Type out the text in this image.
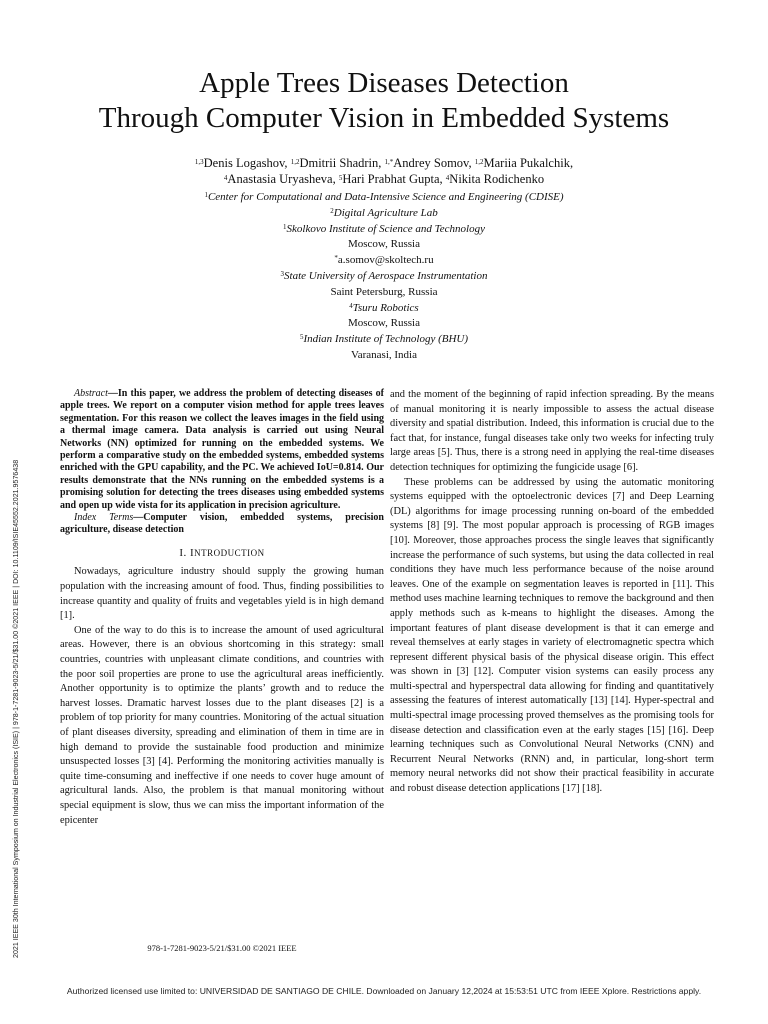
2021 IEEE 30th International Symposium on Industrial Electronics (ISIE) | 978-1-7281-9023-5/21/$31.00 ©2021 IEEE | DOI: 10.1109/ISIE45552.2021.9576438
Apple Trees Diseases Detection
Through Computer Vision in Embedded Systems
$^{1,3}$Denis Logashov, $^{1,2}$Dmitrii Shadrin, $^{1,*}$Andrey Somov, $^{1,2}$Mariia Pukalchik,
$^4$Anastasia Uryasheva, $^5$Hari Prabhat Gupta, $^4$Nikita Rodichenko
$^1$Center for Computational and Data-Intensive Science and Engineering (CDISE)
$^2$Digital Agriculture Lab
$^1$Skolkovo Institute of Science and Technology
Moscow, Russia
*a.somov@skoltech.ru
$^3$State University of Aerospace Instrumentation
Saint Petersburg, Russia
$^4$Tsuru Robotics
Moscow, Russia
$^5$Indian Institute of Technology (BHU)
Varanasi, India

Abstract—In this paper, we address the problem of detecting diseases of apple trees. We report on a computer vision method for apple trees leaves segmentation. For this reason we collect the leaves images in the field using a thermal image camera. Data analysis is carried out using Neural Networks (NN) optimized for running on the embedded systems. We perform a comparative study on the embedded systems, embedded systems enriched with the GPU capability, and the PC. We achieved IoU=0.814. Our results demonstrate that the NNs running on the embedded systems is a promising solution for detecting the trees diseases using embedded systems and open up wide vista for its application in precision agriculture.

Index Terms—Computer vision, embedded systems, precision agriculture, disease detection

I. INTRODUCTION

Nowadays, agriculture industry should supply the growing human population with the increasing amount of food. Thus, finding possibilities to increase quantity and quality of fruits and vegetables yield is in high demand [1].

One of the way to do this is to increase the amount of used agricultural areas. However, there is an obvious shortcoming in this strategy: small countries, countries with unpleasant climate conditions, and countries with the poor soil properties are prone to use the agricultural areas inefficiently. Another opportunity is to optimize the plants’ growth and to reduce the harvest losses. Dramatic harvest losses due to the plant diseases [2] is a problem of top priority for many countries. Monitoring of the actual situation of plant diseases diversity, spreading and elimination of them in time are in high demand to provide the sustainable food production and minimize unsuspected losses [3] [4]. Performing the monitoring activities manually is quite time-consuming and ineffective if one needs to cover huge amount of agricultural lands. Also, the problem is that manual monitoring without special equipment is slow, thus we can miss the important information of the epicenter

978-1-7281-9023-5/21/$31.00 ©2021 IEEE

and the moment of the beginning of rapid infection spreading. By the means of manual monitoring it is nearly impossible to assess the actual disease diversity and spatial distribution. Indeed, this information is crucial due to the fact that, for instance, fungal diseases take only two weeks for infecting truly large areas [5]. Thus, there is a strong need in applying the real-time diseases detection techniques for optimizing the fungicide usage [6].

These problems can be addressed by using the automatic monitoring systems equipped with the optoelectronic devices [7] and Deep Learning (DL) algorithms for image processing running on-board of the embedded systems [8] [9]. The most popular approach is processing of RGB images [10]. Moreover, those approaches process the single leaves that significantly increase the performance of such systems, but using the data collected in real conditions they have much less performance because of the noise around leaves. One of the example on segmentation leaves is reported in [11]. This method uses machine learning techniques to remove the background and then apply methods such as k-means to highlight the diseases. Among the important features of plant disease development is that it can emerge and reveal themselves at early stages in variety of electromagnetic spectra which represent different physical basis of the physical disease origin. This effect was shown in [3] [12]. Computer vision systems can easily process any multi-spectral and hyperspectral data allowing for finding and quantitatively assessing the features of interest automatically [13] [14]. Hyper-spectral and multi-spectral image processing proved themselves as the promising tools for disease detection and classification even at the early stages [15] [16]. Deep learning techniques such as Convolutional Neural Networks (CNN) and Recurrent Neural Networks (RNN) and, in particular, long-short term memory neural networks did not show their practical feasibility in accurate and robust disease detection applications [17] [18].

Authorized licensed use limited to: UNIVERSIDAD DE SANTIAGO DE CHILE. Downloaded on January 12,2024 at 15:53:51 UTC from IEEE Xplore. Restrictions apply.
